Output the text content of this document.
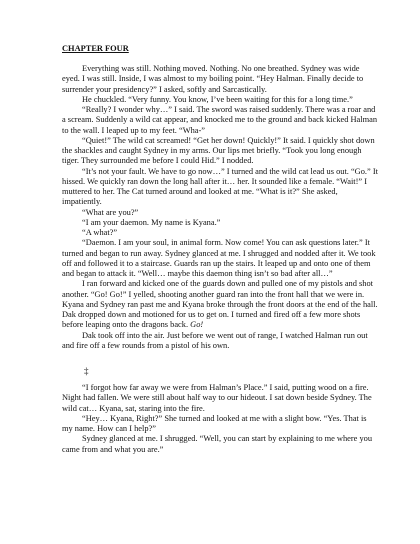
CHAPTER FOUR

Everything was still. Nothing moved. Nothing. No one breathed. Sydney was wide eyed. I was still. Inside, I was almost to my boiling point. “Hey Halman. Finally decide to surrender your presidency?” I asked, softly and Sarcastically.

He chuckled. “Very funny. You know, I’ve been waiting for this for a long time.”

“Really? I wonder why…” I said. The sword was raised suddenly. There was a roar and a scream. Suddenly a wild cat appear, and knocked me to the ground and back kicked Halman to the wall. I leaped up to my feet. “Wha-”

“Quiet!” The wild cat screamed! “Get her down! Quickly!” It said. I quickly shot down the shackles and caught Sydney in my arms. Our lips met briefly. “Took you long enough tiger. They surrounded me before I could Hid.” I nodded.

“It’s not your fault. We have to go now…” I turned and the wild cat lead us out. “Go.” It hissed. We quickly ran down the long hall after it… her. It sounded like a female. “Wait!” I muttered to her. The Cat turned around and looked at me. “What is it?” She asked, impatiently.

“What are you?”

“I am your daemon. My name is Kyana.”

“A what?”

“Daemon. I am your soul, in animal form. Now come! You can ask questions later.” It turned and began to run away. Sydney glanced at me. I shrugged and nodded after it. We took off and followed it to a staircase. Guards ran up the stairs. It leaped up and onto one of them and began to attack it. “Well… maybe this daemon thing isn’t so bad after all…”

I ran forward and kicked one of the guards down and pulled one of my pistols and shot another. “Go! Go!” I yelled, shooting another guard ran into the front hall that we were in.

Kyana and Sydney ran past me and Kyana broke through the front doors at the end of the hall. Dak dropped down and motioned for us to get on. I turned and fired off a few more shots before leaping onto the dragons back. Go!

Dak took off into the air. Just before we went out of range, I watched Halman run out and fire off a few rounds from a pistol of his own.

‡

“I forgot how far away we were from Halman’s Place.” I said, putting wood on a fire. Night had fallen. We were still about half way to our hideout. I sat down beside Sydney. The wild cat… Kyana, sat, staring into the fire.

“Hey… Kyana, Right?” She turned and looked at me with a slight bow. “Yes. That is my name. How can I help?”

Sydney glanced at me. I shrugged. “Well, you can start by explaining to me where you came from and what you are.”
